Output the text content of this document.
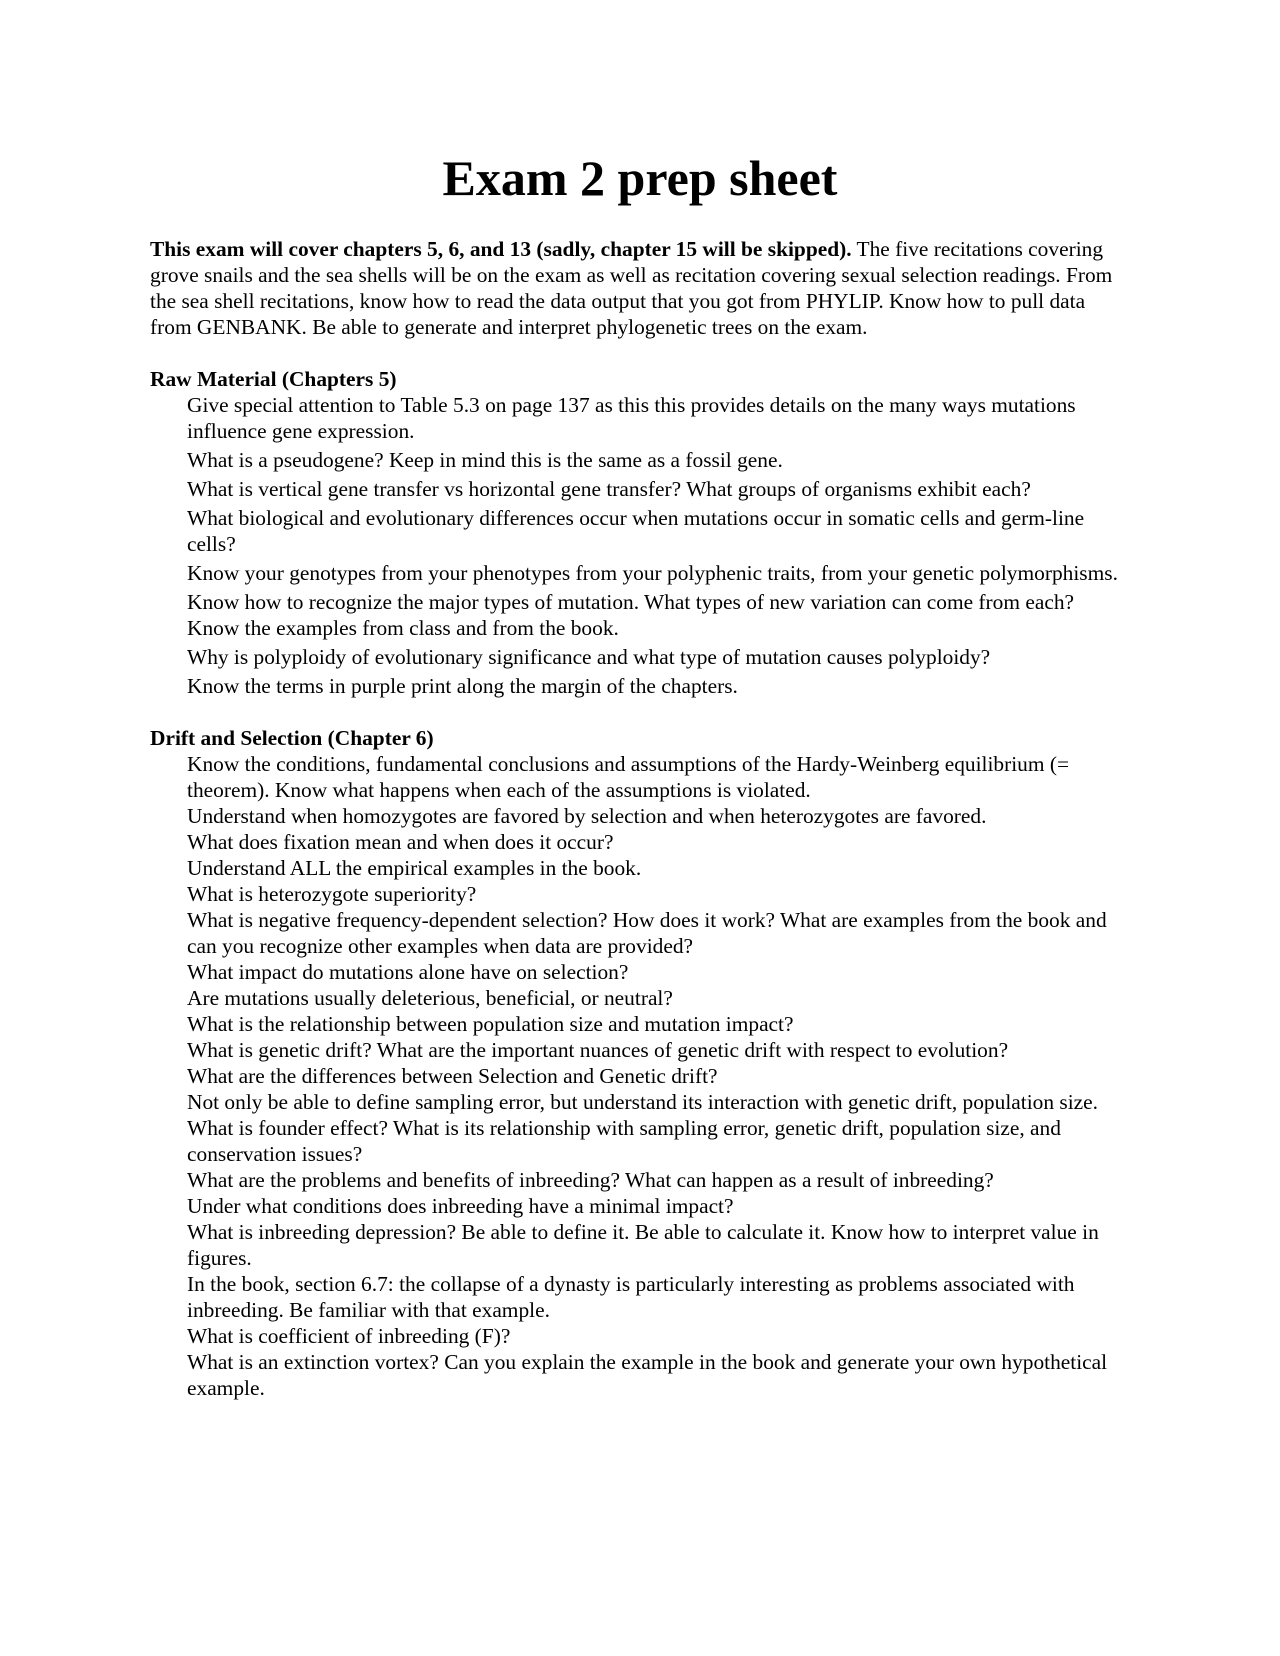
Exam 2 prep sheet

This exam will cover chapters 5, 6, and 13 (sadly, chapter 15 will be skipped). The five recitations covering grove snails and the sea shells will be on the exam as well as recitation covering sexual selection readings. From the sea shell recitations, know how to read the data output that you got from PHYLIP. Know how to pull data from GENBANK. Be able to generate and interpret phylogenetic trees on the exam.

Raw Material (Chapters 5)

Give special attention to Table 5.3 on page 137 as this this provides details on the many ways mutations influence gene expression.
What is a pseudogene? Keep in mind this is the same as a fossil gene.
What is vertical gene transfer vs horizontal gene transfer? What groups of organisms exhibit each?
What biological and evolutionary differences occur when mutations occur in somatic cells and germ-line cells?
Know your genotypes from your phenotypes from your polyphenic traits, from your genetic polymorphisms.
Know how to recognize the major types of mutation. What types of new variation can come from each? Know the examples from class and from the book.
Why is polyploidy of evolutionary significance and what type of mutation causes polyploidy?
Know the terms in purple print along the margin of the chapters.

Drift and Selection (Chapter 6)

Know the conditions, fundamental conclusions and assumptions of the Hardy-Weinberg equilibrium (= theorem). Know what happens when each of the assumptions is violated.
Understand when homozygotes are favored by selection and when heterozygotes are favored.
What does fixation mean and when does it occur?
Understand ALL the empirical examples in the book.
What is heterozygote superiority?
What is negative frequency-dependent selection? How does it work? What are examples from the book and can you recognize other examples when data are provided?
What impact do mutations alone have on selection?
Are mutations usually deleterious, beneficial, or neutral?
What is the relationship between population size and mutation impact?
What is genetic drift? What are the important nuances of genetic drift with respect to evolution?
What are the differences between Selection and Genetic drift?
Not only be able to define sampling error, but understand its interaction with genetic drift, population size.
What is founder effect? What is its relationship with sampling error, genetic drift, population size, and conservation issues?
What are the problems and benefits of inbreeding? What can happen as a result of inbreeding?
Under what conditions does inbreeding have a minimal impact?
What is inbreeding depression? Be able to define it. Be able to calculate it. Know how to interpret value in figures.
In the book, section 6.7: the collapse of a dynasty is particularly interesting as problems associated with inbreeding. Be familiar with that example.
What is coefficient of inbreeding (F)?
What is an extinction vortex? Can you explain the example in the book and generate your own hypothetical example.
